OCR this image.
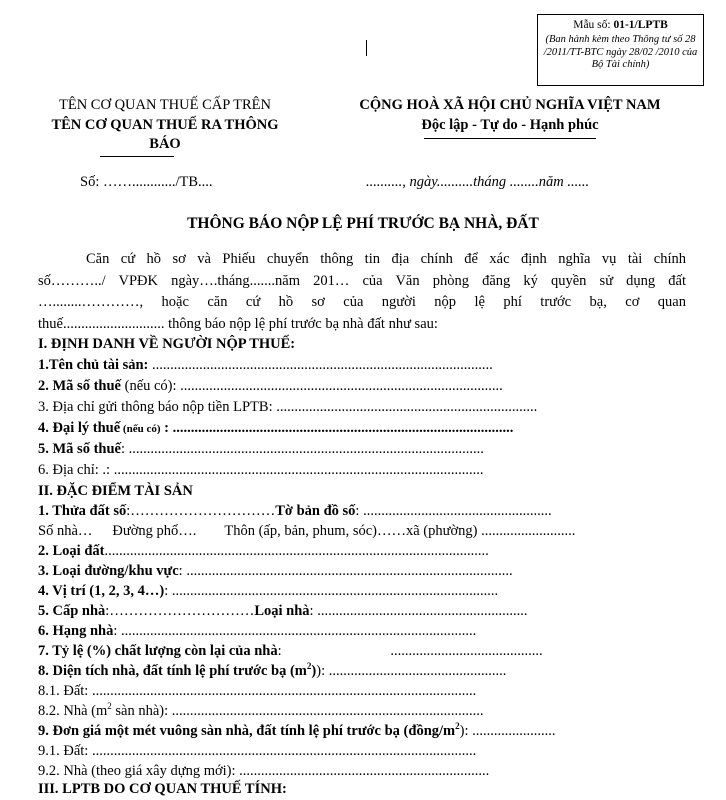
Mẫu số: 01-1/LPTB
(Ban hành kèm theo Thông tư số 28 /2011/TT-BTC ngày 28/02 /2010 của Bộ Tài chính)
TÊN CƠ QUAN THUẾ CẤP TRÊN
TÊN CƠ QUAN THUẾ RA THÔNG
BÁO
CỘNG HOÀ XÃ HỘI CHỦ NGHĨA VIỆT NAM
Độc lập - Tự do - Hạnh phúc
Số: ……............/TB....	.........., ngày..........tháng ........năm ......
THÔNG BÁO NỘP LỆ PHÍ TRƯỚC BẠ NHÀ, ĐẤT
Căn cứ hồ sơ và Phiếu chuyển thông tin địa chính để xác định nghĩa vụ tài chính
số………../ VPĐK ngày….tháng.......năm 201… của Văn phòng đăng ký quyền sử dụng đất
…........…………, hoặc căn cứ hồ sơ của người nộp lệ phí trước bạ, cơ quan
thuế............................ thông báo nộp lệ phí trước bạ nhà đất như sau:
I. ĐỊNH DANH VỀ NGƯỜI NỘP THUẾ:
1.Tên chủ tài sản: ..............................................................................................
2. Mã số thuế (nếu có): .........................................................................................
3. Địa chỉ gửi thông báo nộp tiền LPTB: ........................................................................
4. Đại lý thuế (nếu có) : ..............................................................................................
5. Mã số thuế: ..................................................................................................
6. Địa chỉ: .: ......................................................................................................
II. ĐẶC ĐIỂM TÀI SẢN
1. Thửa đất số:…………………………Tờ bản đồ số: ....................................................
Số nhà… Đường phố…. Thôn (ấp, bản, phum, sóc)……xã (phường) ..........................
2. Loại đất..........................................................................................................
3. Loại đường/khu vực: ..........................................................................................
4. Vị trí (1, 2, 3, 4…): ..........................................................................................
5. Cấp nhà:…………………………Loại nhà: ..........................................................
6. Hạng nhà: ..................................................................................................
7. Tỷ lệ (%) chất lượng còn lại của nhà:                              ..........................................
8. Diện tích nhà, đất tính lệ phí trước bạ $(m^2)$): .................................................
8.1. Đất: ..........................................................................................................
8.2. Nhà ($m^2$ sàn nhà): ......................................................................................
9. Đơn giá một mét vuông sàn nhà, đất tính lệ phí trước bạ $(đồng/m^2)$: .......................
9.1. Đất: ..........................................................................................................
9.2. Nhà (theo giá xây dựng mới): .....................................................................
III. LPTB DO CƠ QUAN THUẾ TÍNH:
